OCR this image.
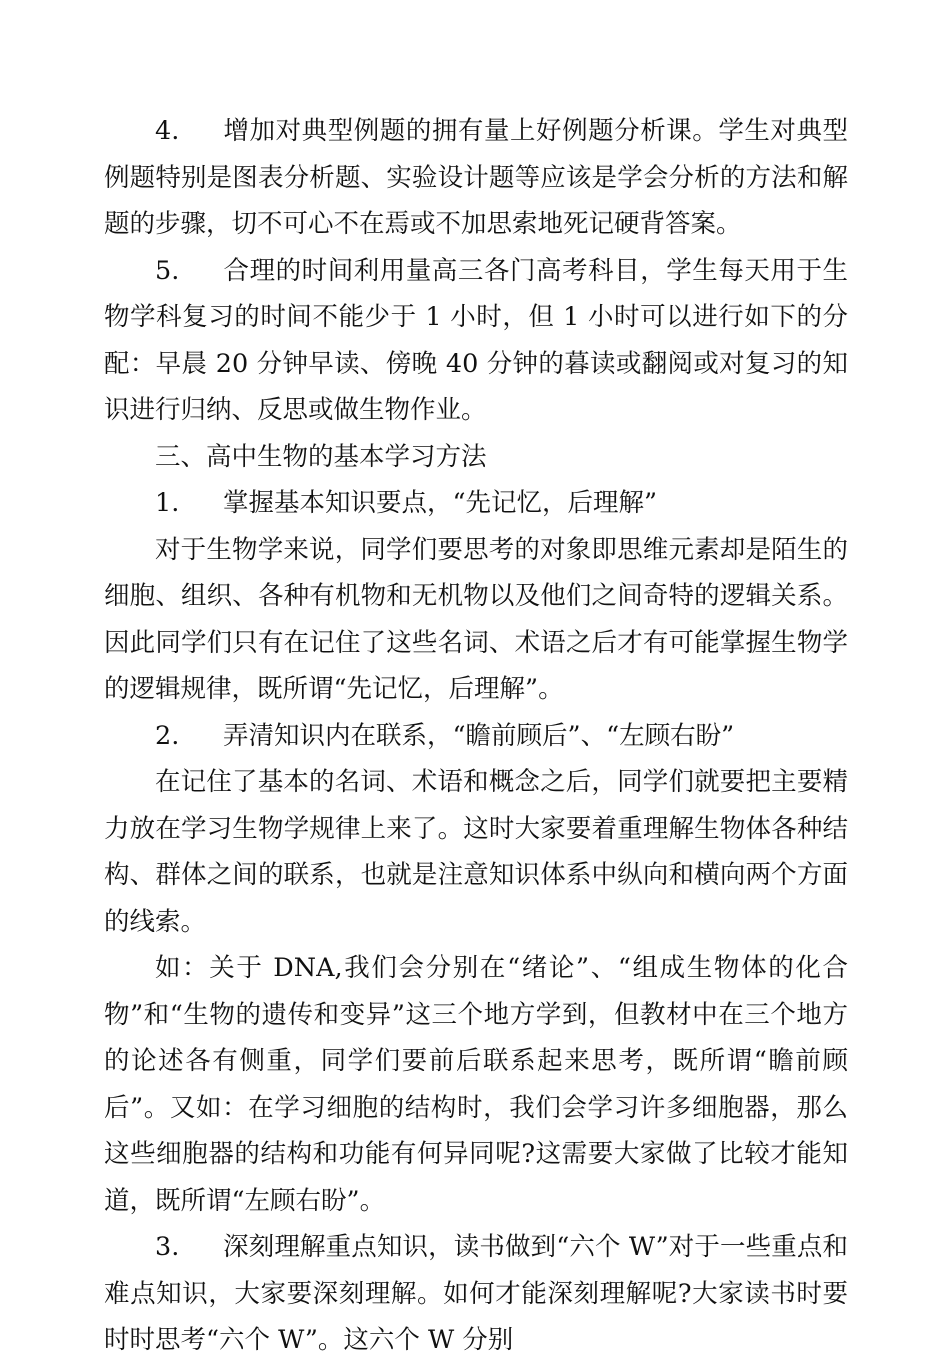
4. 增加对典型例题的拥有量上好例题分析课。学生对典型例题特别是图表分析题、实验设计题等应该是学会分析的方法和解题的步骤，切不可心不在焉或不加思索地死记硬背答案。

5. 合理的时间利用量高三各门高考科目，学生每天用于生物学科复习的时间不能少于 1 小时，但 1 小时可以进行如下的分配：早晨 20 分钟早读、傍晚 40 分钟的暮读或翻阅或对复习的知识进行归纳、反思或做生物作业。

三、高中生物的基本学习方法

1. 掌握基本知识要点，“先记忆，后理解”

对于生物学来说，同学们要思考的对象即思维元素却是陌生的细胞、组织、各种有机物和无机物以及他们之间奇特的逻辑关系。因此同学们只有在记住了这些名词、术语之后才有可能掌握生物学的逻辑规律，既所谓“先记忆，后理解”。

2. 弄清知识内在联系，“瞻前顾后”、“左顾右盼”

在记住了基本的名词、术语和概念之后，同学们就要把主要精力放在学习生物学规律上来了。这时大家要着重理解生物体各种结构、群体之间的联系，也就是注意知识体系中纵向和横向两个方面的线索。

如：关于 DNA,我们会分别在“绪论”、“组成生物体的化合物”和“生物的遗传和变异”这三个地方学到，但教材中在三个地方的论述各有侧重，同学们要前后联系起来思考，既所谓“瞻前顾后”。又如：在学习细胞的结构时，我们会学习许多细胞器，那么这些细胞器的结构和功能有何异同呢?这需要大家做了比较才能知道，既所谓“左顾右盼”。

3. 深刻理解重点知识，读书做到“六个 W”对于一些重点和难点知识，大家要深刻理解。如何才能深刻理解呢?大家读书时要时时思考“六个 W”。这六个 W 分别
